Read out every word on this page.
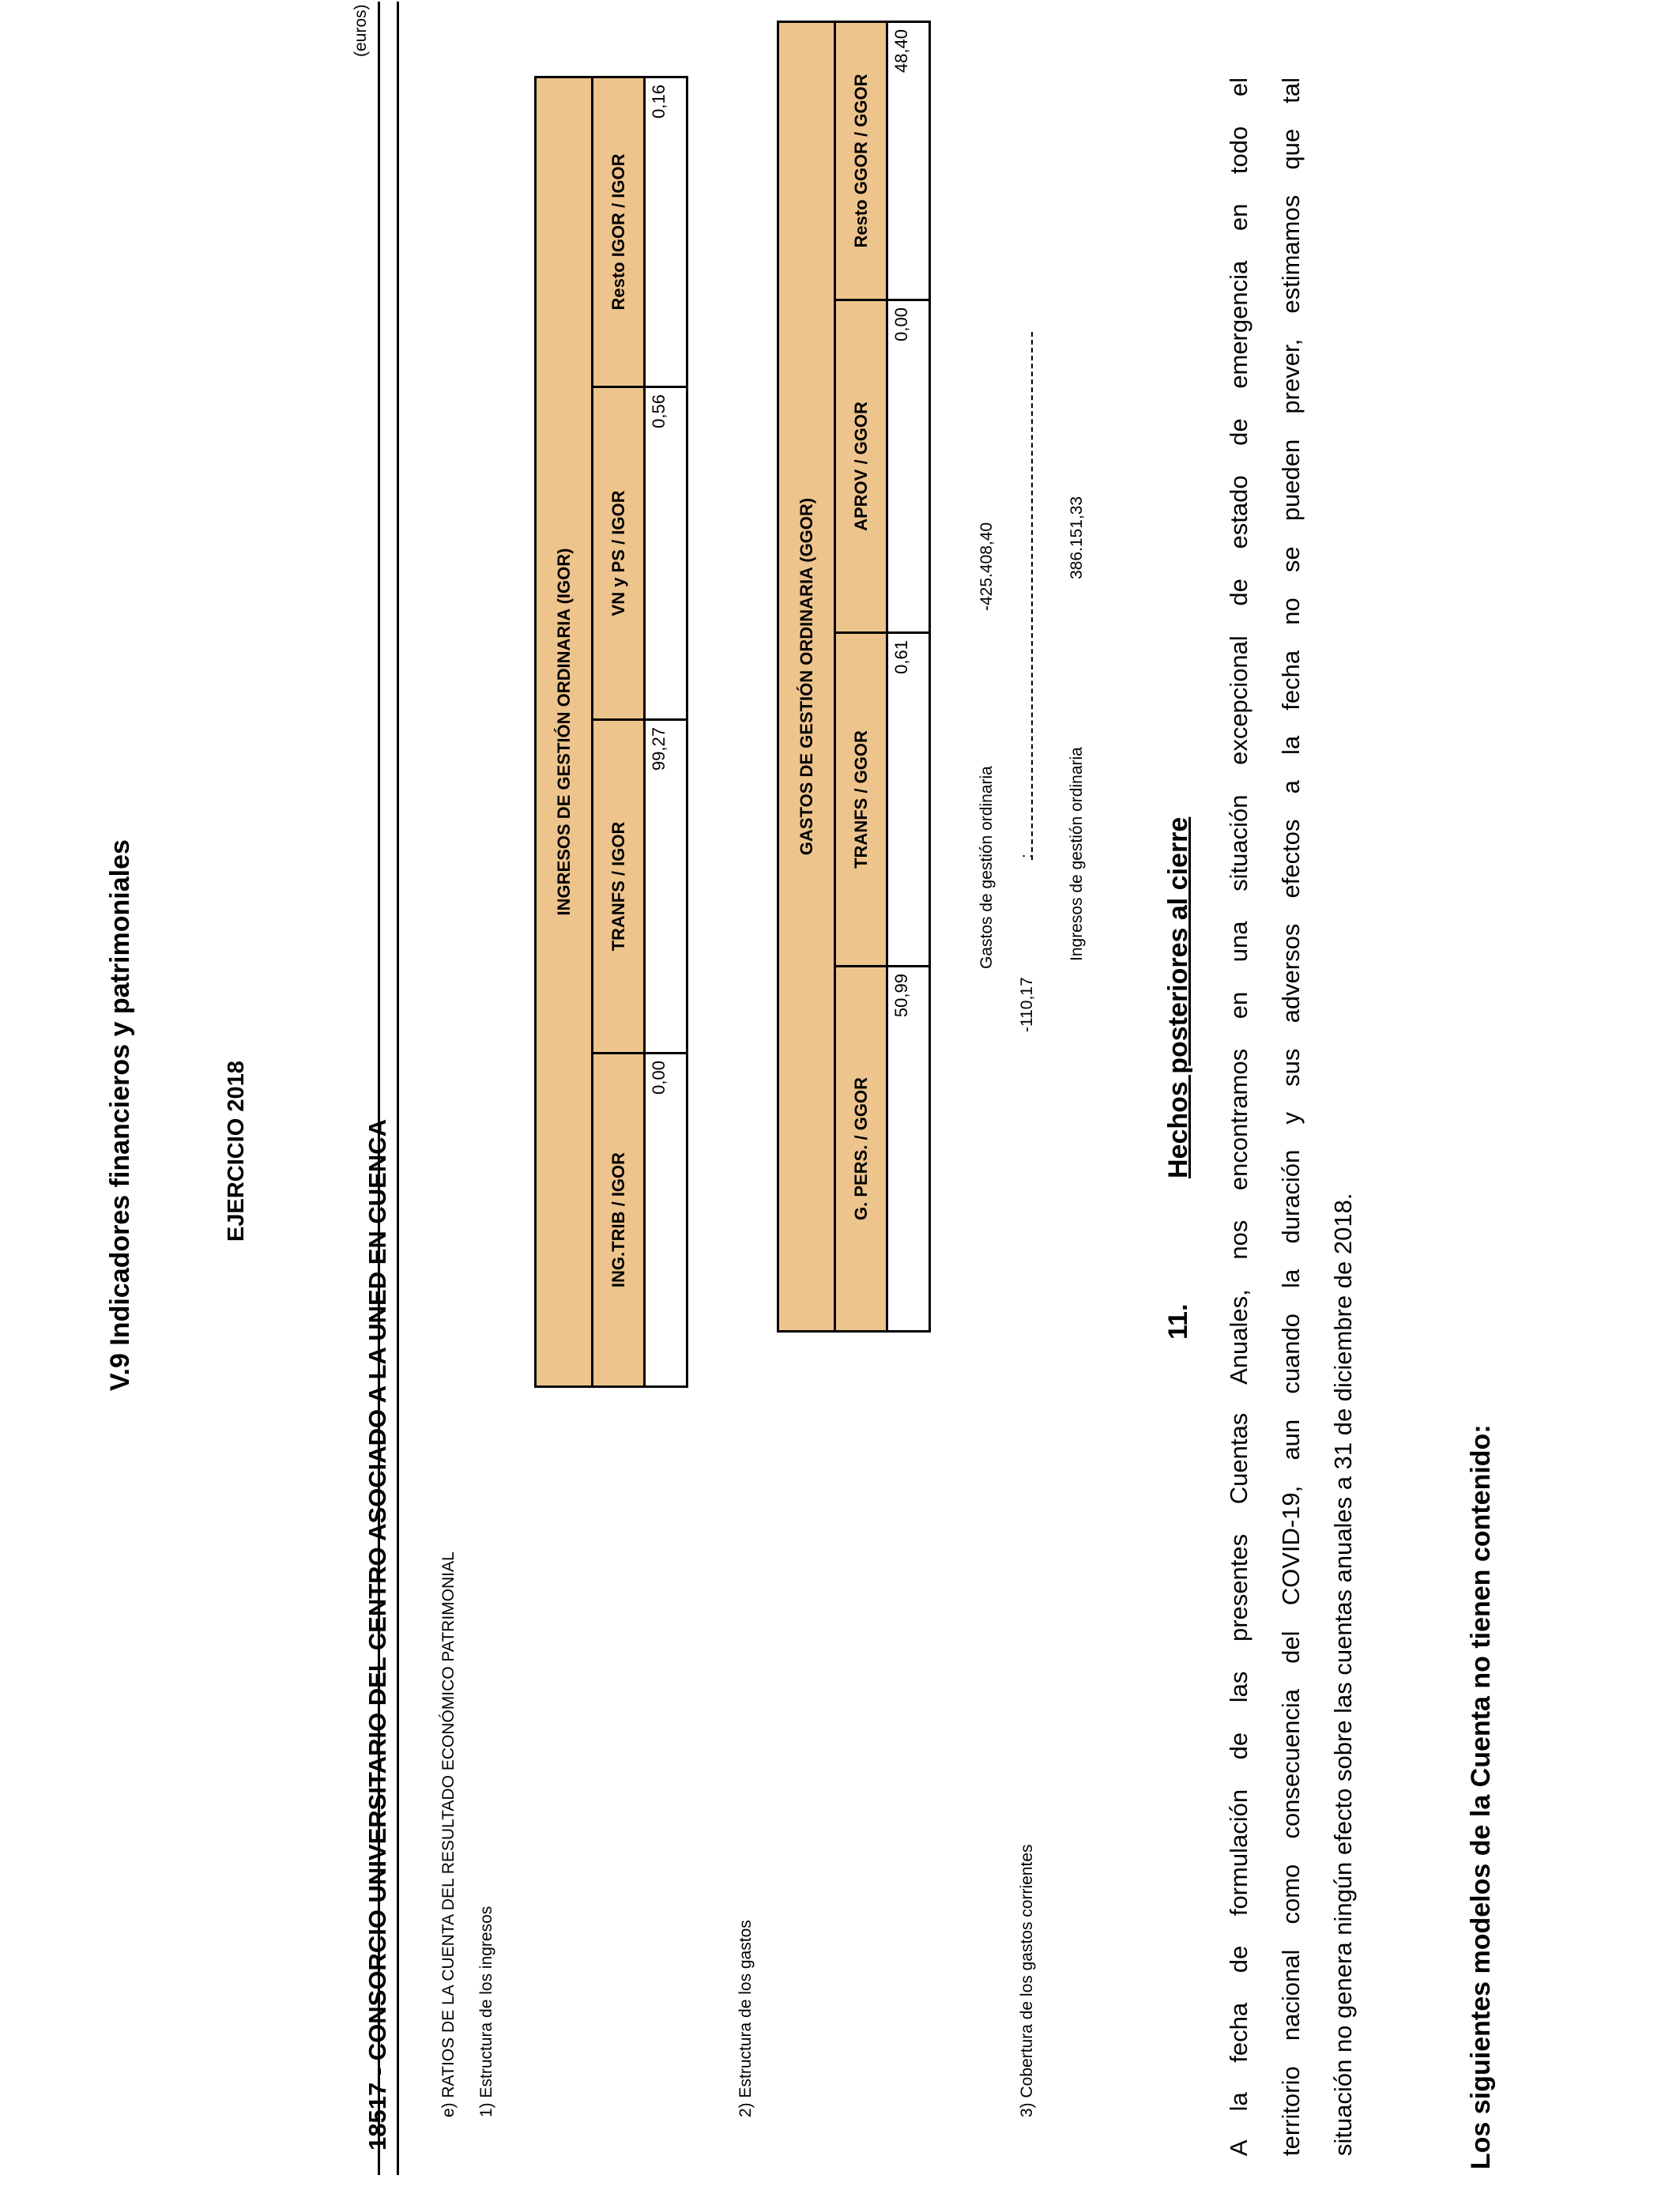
V.9 Indicadores financieros y patrimoniales	EJERCICIO 2018
(euros)
18517 - CONSORCIO UNIVERSITARIO DEL CENTRO ASOCIADO A LA UNED EN CUENCA	e) RATIOS DE LA CUENTA DEL RESULTADO ECONÓMICO PATRIMONIAL 1) Estructura de los ingresos
INGRESOS DE GESTIÓN ORDINARIA (IGOR)			
ING.TRIB / IGOR	TRANFS / IGOR	VN y PS / IGOR	Resto IGOR / IGOR
0,00	99,27	0,56	0,16
2) Estructura de los gastos
GASTOS DE GESTIÓN ORDINARIA (GGOR)			
G. PERS. / GGOR	TRANFS / GGOR	APROV / GGOR	Resto GGOR / GGOR
50,99	0,61	0,00	48,40
3) Cobertura de los gastos corrientes
-110,17
:
Gastos de gestión ordinaria
-425.408,40
Ingresos de gestión ordinaria
386.151,33
11.
Hechos posteriores al cierre	A la fecha de formulación de las presentes Cuentas Anuales, nos encontramos en una situación excepcional de estado de emergencia en todo el	territorio nacional como consecuencia del COVID-19, aun cuando la duración y sus adversos efectos a la fecha no se pueden prever, estimamos que tal	situación no genera ningún efecto sobre las cuentas anuales a 31 de diciembre de 2018.	Los siguientes modelos de la Cuenta no tienen contenido:
